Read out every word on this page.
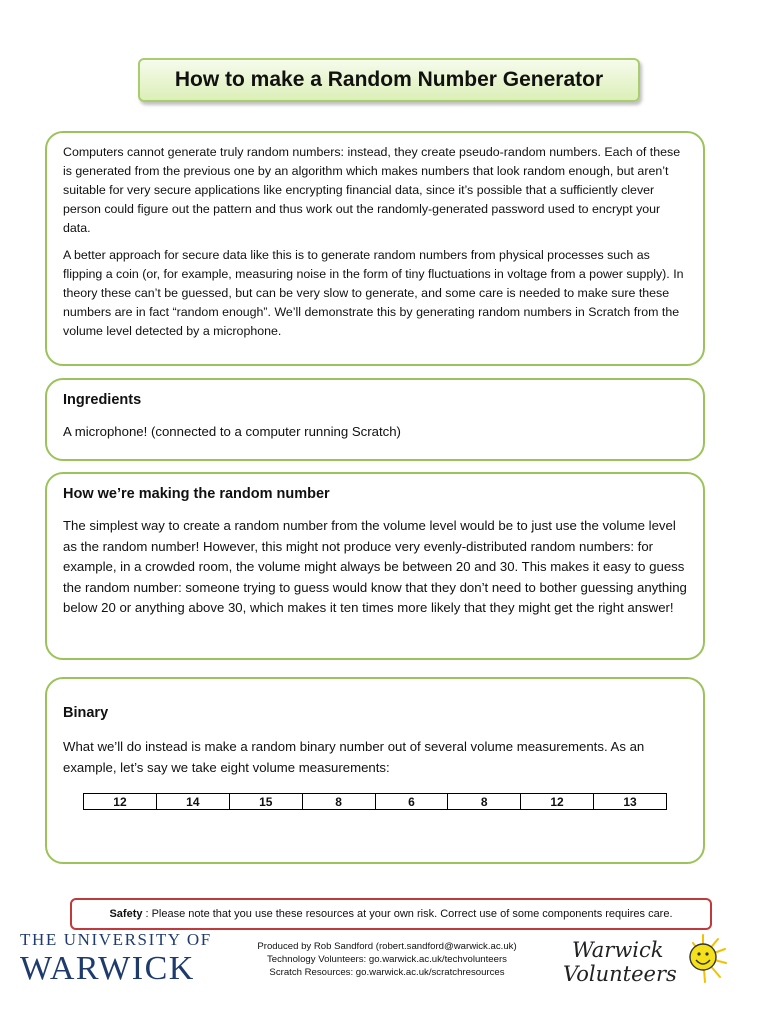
How to make a Random Number Generator

Computers cannot generate truly random numbers: instead, they create pseudo-random numbers. Each of these is generated from the previous one by an algorithm which makes numbers that look random enough, but aren’t suitable for very secure applications like encrypting financial data, since it’s possible that a sufficiently clever person could figure out the pattern and thus work out the randomly-generated password used to encrypt your data.

A better approach for secure data like this is to generate random numbers from physical processes such as flipping a coin (or, for example, measuring noise in the form of tiny fluctuations in voltage from a power supply). In theory these can’t be guessed, but can be very slow to generate, and some care is needed to make sure these numbers are in fact “random enough”. We’ll demonstrate this by generating random numbers in Scratch from the volume level detected by a microphone.

Ingredients

A microphone! (connected to a computer running Scratch)

How we’re making the random number

The simplest way to create a random number from the volume level would be to just use the volume level as the random number! However, this might not produce very evenly-distributed random numbers: for example, in a crowded room, the volume might always be between 20 and 30. This makes it easy to guess the random number: someone trying to guess would know that they don’t need to bother guessing anything below 20 or anything above 30, which makes it ten times more likely that they might get the right answer!

Binary

What we’ll do instead is make a random binary number out of several volume measurements. As an example, let’s say we take eight volume measurements:

12	14	15	8	6	8	12	13
Safety : Please note that you use these resources at your own risk. Correct use of some components requires care.
THE UNIVERSITY OF
WARWICK
Produced by Rob Sandford (robert.sandford@warwick.ac.uk)
Technology Volunteers: go.warwick.ac.uk/techvolunteers
Scratch Resources: go.warwick.ac.uk/scratchresources
Warwick
Volunteers
